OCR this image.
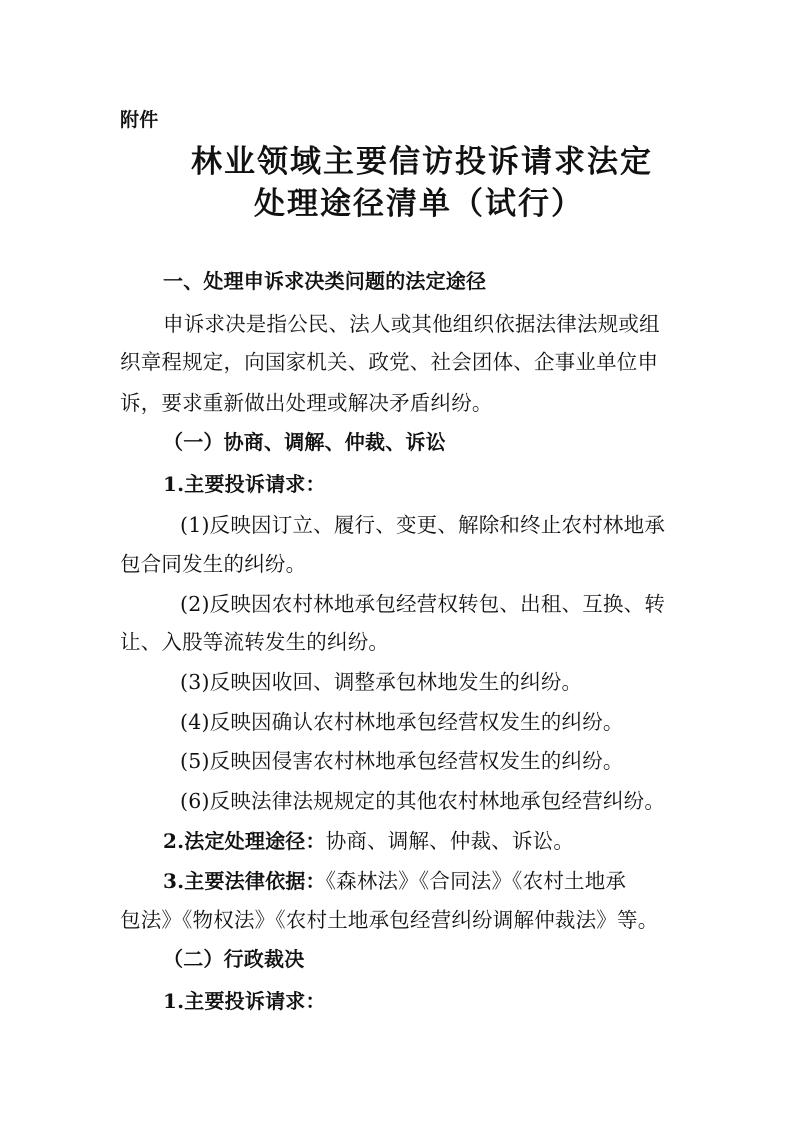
附件
林业领域主要信访投诉请求法定
处理途径清单（试行）
一、处理申诉求决类问题的法定途径
申诉求决是指公民、法人或其他组织依据法律法规或组
织章程规定，向国家机关、政党、社会团体、企事业单位申
诉，要求重新做出处理或解决矛盾纠纷。
（一）协商、调解、仲裁、诉讼
1.主要投诉请求：
(1)反映因订立、履行、变更、解除和终止农村林地承
包合同发生的纠纷。
(2)反映因农村林地承包经营权转包、出租、互换、转
让、入股等流转发生的纠纷。
(3)反映因收回、调整承包林地发生的纠纷。
(4)反映因确认农村林地承包经营权发生的纠纷。
(5)反映因侵害农村林地承包经营权发生的纠纷。
(6)反映法律法规规定的其他农村林地承包经营纠纷。
2.法定处理途径：协商、调解、仲裁、诉讼。
3.主要法律依据：《森林法》《合同法》《农村土地承
包法》《物权法》《农村土地承包经营纠纷调解仲裁法》等。
（二）行政裁决
1.主要投诉请求：
